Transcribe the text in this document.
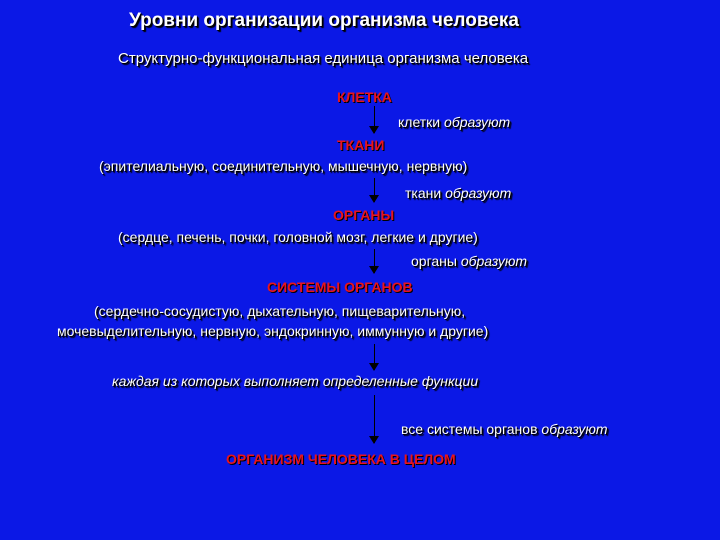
Уровни организации организма человека
Структурно-функциональная единица организма человека
КЛЕТКА
клетки образуют
ТКАНИ
(эпителиальную, соединительную, мышечную, нервную)
ткани образуют
ОРГАНЫ
(сердце, печень, почки, головной мозг, легкие и другие)
органы образуют
СИСТЕМЫ ОРГАНОВ
(сердечно-сосудистую, дыхательную, пищеварительную,
мочевыделительную, нервную, эндокринную, иммунную и другие)
каждая из которых выполняет определенные функции
все системы органов образуют
ОРГАНИЗМ ЧЕЛОВЕКА В ЦЕЛОМ
